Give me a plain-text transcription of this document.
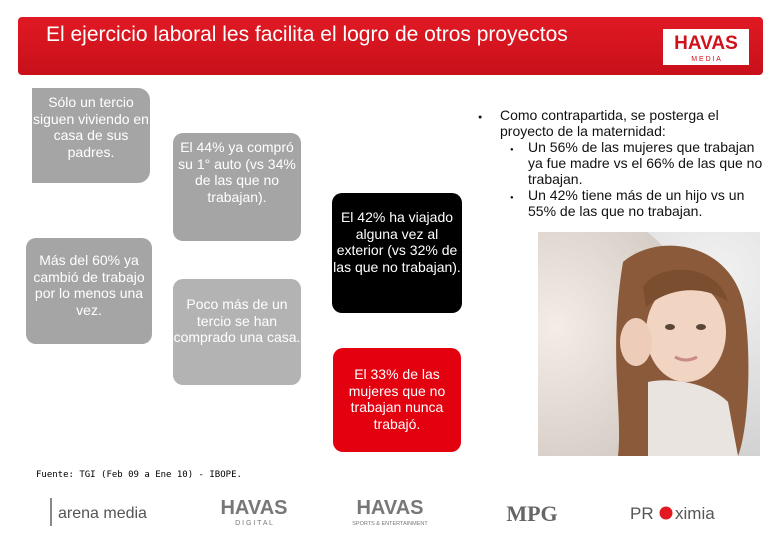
El ejercicio laboral les facilita el logro de otros proyectos	HAVAS
M E D I A
Sólo un tercio siguen viviendo en casa de sus padres.
Más del 60% ya cambió de trabajo por lo menos una vez.
El 44% ya compró su 1° auto (vs 34% de las que no trabajan).
Poco más de un tercio se han comprado una casa.
El 42% ha viajado alguna vez al exterior (vs 32% de las que no trabajan).
El 33% de las mujeres que no trabajan nunca trabajó.
● Como contrapartida, se posterga el proyecto de la maternidad:
● Un 56% de las mujeres que trabajan ya fue madre vs el 66% de las que no trabajan.
● Un 42% tiene más de un hijo vs un 55% de las que no trabajan.
Fuente: TGI (Feb 09 a Ene 10) - IBOPE.
arena media	HAVAS
D I G I T A L
HAVAS
SPORTS & ENTERTAINMENT	MPG	PR ximia
